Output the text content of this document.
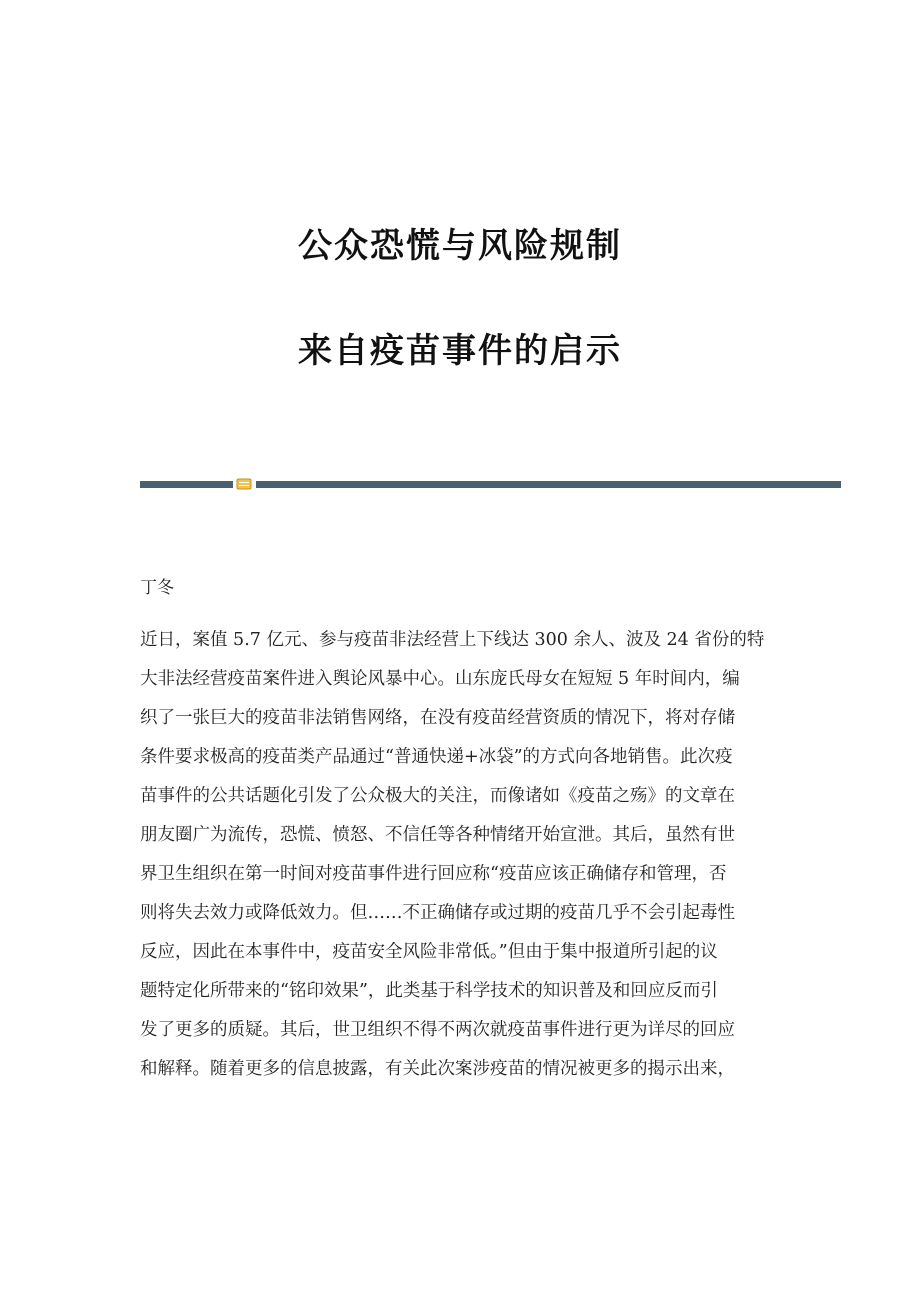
公众恐慌与风险规制
来自疫苗事件的启示
丁冬
近日，案值 5.7 亿元、参与疫苗非法经营上下线达 300 余人、波及 24 省份的特
大非法经营疫苗案件进入舆论风暴中心。山东庞氏母女在短短 5 年时间内，编
织了一张巨大的疫苗非法销售网络，在没有疫苗经营资质的情况下，将对存储
条件要求极高的疫苗类产品通过“普通快递+冰袋”的方式向各地销售。此次疫
苗事件的公共话题化引发了公众极大的关注，而像诸如《疫苗之殇》的文章在
朋友圈广为流传，恐慌、愤怒、不信任等各种情绪开始宣泄。其后，虽然有世
界卫生组织在第一时间对疫苗事件进行回应称“疫苗应该正确储存和管理，否
则将失去效力或降低效力。但……不正确储存或过期的疫苗几乎不会引起毒性
反应，因此在本事件中，疫苗安全风险非常低。”但由于集中报道所引起的议
题特定化所带来的“铭印效果”，此类基于科学技术的知识普及和回应反而引
发了更多的质疑。其后，世卫组织不得不两次就疫苗事件进行更为详尽的回应
和解释。随着更多的信息披露，有关此次案涉疫苗的情况被更多的揭示出来，
